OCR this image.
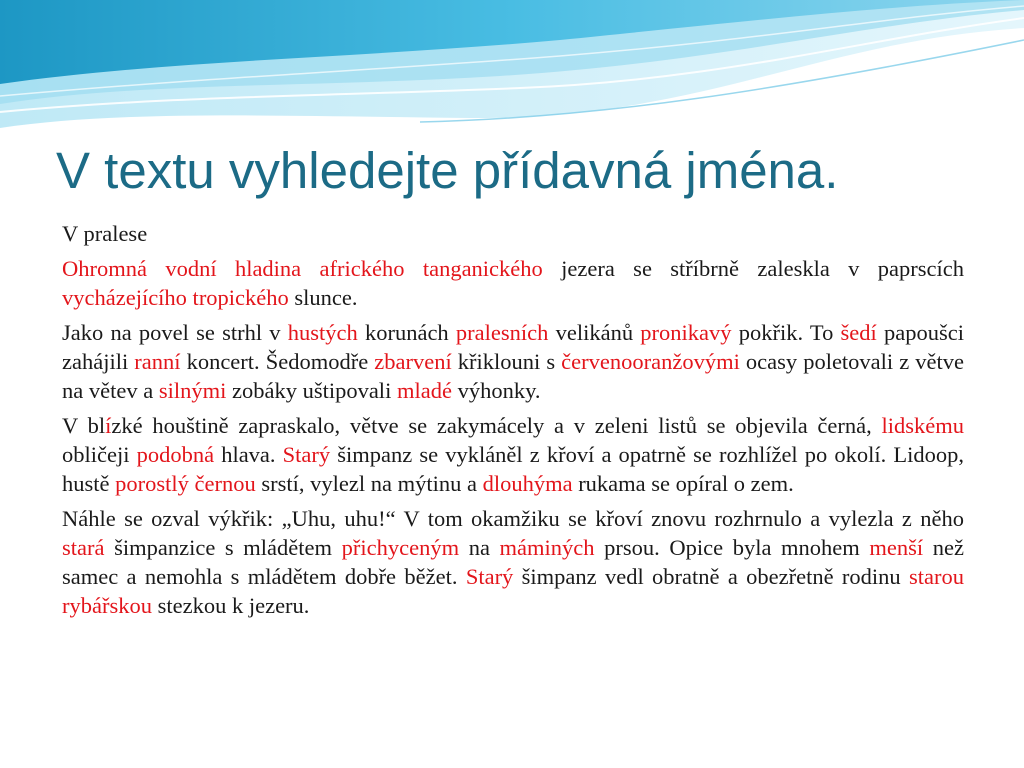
V textu vyhledejte přídavná jména.

V pralese

Ohromná vodní hladina afrického tanganického jezera se stříbrně zaleskla v paprscích vycházejícího tropického slunce.

Jako na povel se strhl v hustých korunách pralesních velikánů pronikavý pokřik. To šedí papoušci zahájili ranní koncert. Šedomodře zbarvení křiklouni s červenooranžovými ocasy poletovali z větve na větev a silnými zobáky uštipovali mladé výhonky.

V blízké houštině zapraskalo, větve se zakymácely a v zeleni listů se objevila černá, lidskému obličeji podobná hlava. Starý šimpanz se vykláněl z křoví a opatrně se rozhlížel po okolí. Lidoop, hustě porostlý černou srstí, vylezl na mýtinu a dlouhýma rukama se opíral o zem.

Náhle se ozval výkřik: „Uhu, uhu!“ V tom okamžiku se křoví znovu rozhrnulo a vylezla z něho stará šimpanzice s mládětem přichyceným na máminých prsou. Opice byla mnohem menší než samec a nemohla s mládětem dobře běžet. Starý šimpanz vedl obratně a obezřetně rodinu starou rybářskou stezkou k jezeru.
